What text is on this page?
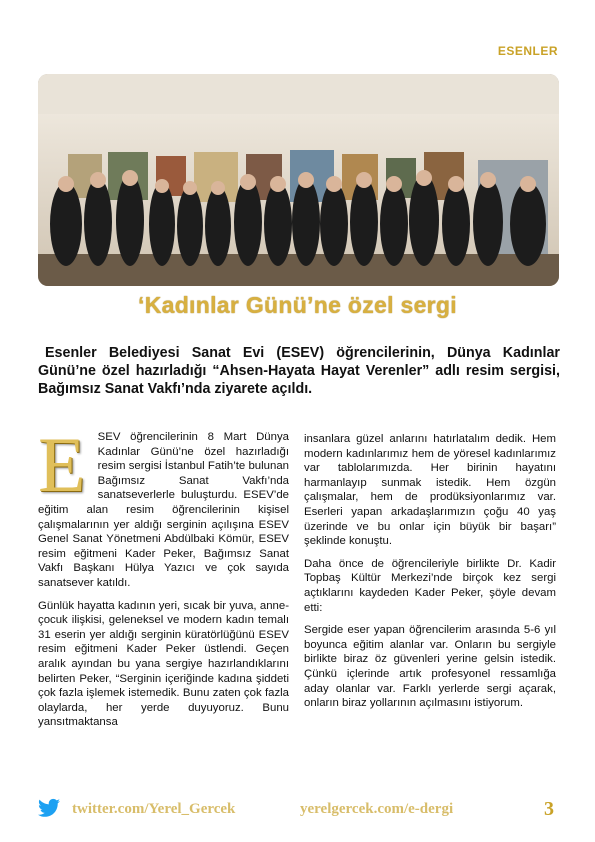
ESENLER
‘Kadınlar Günü’ne özel sergi
Esenler Belediyesi Sanat Evi (ESEV) öğrencilerinin, Dünya Kadınlar Günü’ne özel hazırladığı “Ahsen-Hayata Hayat Verenler” adlı resim sergisi, Bağımsız Sanat Vakfı’nda ziyarete açıldı.

E SEV öğrencilerinin 8 Mart Dünya Kadınlar Günü’ne özel hazırladığı resim sergisi İstanbul Fatih’te bulunan Bağımsız Sanat Vakfı’nda sanatseverlerle buluşturdu. ESEV’de eğitim alan resim öğrencilerinin kişisel çalışmalarının yer aldığı serginin açılışına ESEV Genel Sanat Yönetmeni Abdülbaki Kömür, ESEV resim eğitmeni Kader Peker, Bağımsız Sanat Vakfı Başkanı Hülya Yazıcı ve çok sayıda sanatsever katıldı.

Günlük hayatta kadının yeri, sıcak bir yuva, anne-çocuk ilişkisi, geleneksel ve modern kadın temalı 31 eserin yer aldığı serginin küratörlüğünü ESEV resim eğitmeni Kader Peker üstlendi. Geçen aralık ayından bu yana sergiye hazırlandıklarını belirten Peker, “Serginin içeriğinde kadına şiddeti çok fazla işlemek istemedik. Bunu zaten çok fazla olaylarda, her yerde duyuyoruz. Bunu yansıtmaktansa

insanlara güzel anlarını hatırlatalım dedik. Hem modern kadınlarımız hem de yöresel kadınlarımız var tablolarımızda. Her birinin hayatını harmanlayıp sunmak istedik. Hem özgün çalışmalar, hem de prodüksiyonlarımız var. Eserleri yapan arkadaşlarımızın çoğu 40 yaş üzerinde ve bu onlar için büyük bir başarı” şeklinde konuştu.

Daha önce de öğrencileriyle birlikte Dr. Kadir Topbaş Kültür Merkezi’nde birçok kez sergi açtıklarını kaydeden Kader Peker, şöyle devam etti:

Sergide eser yapan öğrencilerim arasında 5-6 yıl boyunca eğitim alanlar var. Onların bu sergiyle birlikte biraz öz güvenleri yerine gelsin istedik. Çünkü içlerinde artık profesyonel ressamlığa aday olanlar var. Farklı yerlerde sergi açarak, onların biraz yollarının açılmasını istiyorum.

twitter.com/Yerel_Gercek	yerelgercek.com/e-dergi	3
